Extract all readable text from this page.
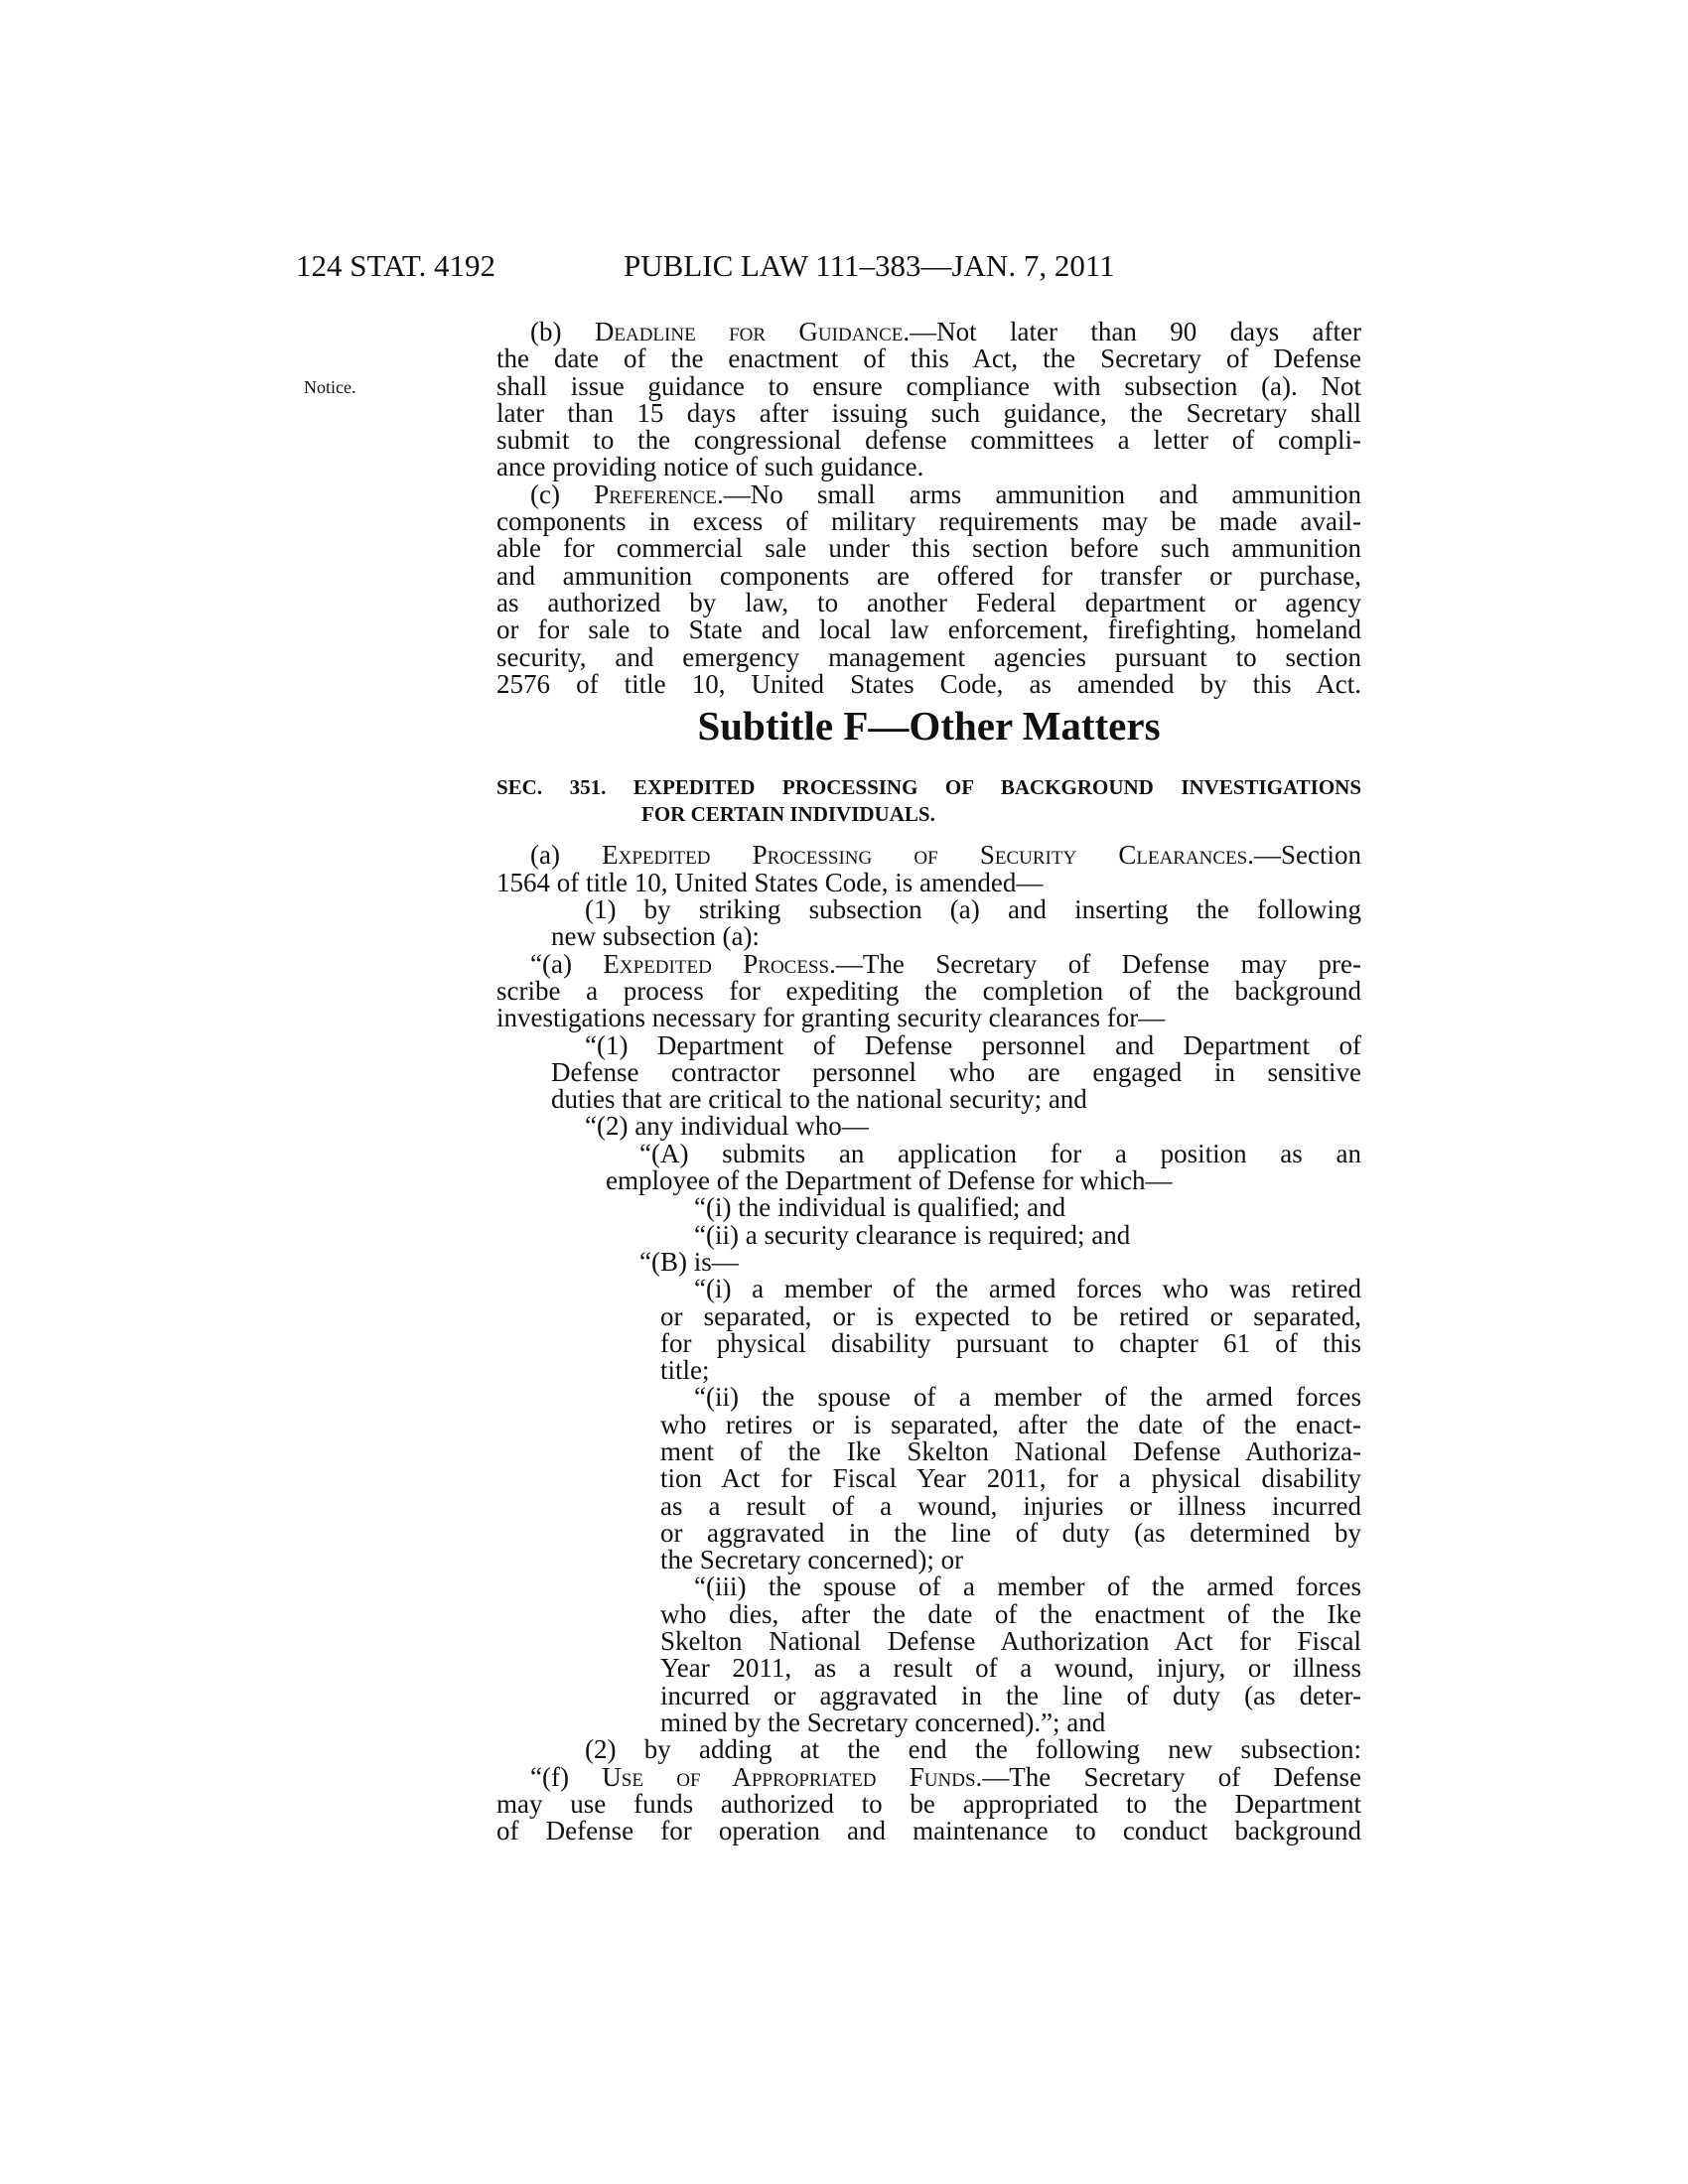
124 STAT. 4192	PUBLIC LAW 111–383—JAN. 7, 2011
Notice.

(b) Deadline for Guidance.—Not later than 90 days after

the date of the enactment of this Act, the Secretary of Defense

shall issue guidance to ensure compliance with subsection (a). Not

later than 15 days after issuing such guidance, the Secretary shall

submit to the congressional defense committees a letter of compli-

ance providing notice of such guidance.

(c) Preference.—No small arms ammunition and ammunition

components in excess of military requirements may be made avail-

able for commercial sale under this section before such ammunition

and ammunition components are offered for transfer or purchase,

as authorized by law, to another Federal department or agency

or for sale to State and local law enforcement, firefighting, homeland

security, and emergency management agencies pursuant to section

2576 of title 10, United States Code, as amended by this Act.

Subtitle F—Other Matters

SEC. 351. EXPEDITED PROCESSING OF BACKGROUND INVESTIGATIONS
FOR CERTAIN INDIVIDUALS.

(a) Expedited Processing of Security Clearances.—Section

1564 of title 10, United States Code, is amended—

(1) by striking subsection (a) and inserting the following

new subsection (a):

“(a) Expedited Process.—The Secretary of Defense may pre-

scribe a process for expediting the completion of the background

investigations necessary for granting security clearances for—

“(1) Department of Defense personnel and Department of

Defense contractor personnel who are engaged in sensitive

duties that are critical to the national security; and

“(2) any individual who—

“(A) submits an application for a position as an

employee of the Department of Defense for which—

“(i) the individual is qualified; and

“(ii) a security clearance is required; and

“(B) is—

“(i) a member of the armed forces who was retired

or separated, or is expected to be retired or separated,

for physical disability pursuant to chapter 61 of this

title;

“(ii) the spouse of a member of the armed forces

who retires or is separated, after the date of the enact-

ment of the Ike Skelton National Defense Authoriza-

tion Act for Fiscal Year 2011, for a physical disability

as a result of a wound, injuries or illness incurred

or aggravated in the line of duty (as determined by

the Secretary concerned); or

“(iii) the spouse of a member of the armed forces

who dies, after the date of the enactment of the Ike

Skelton National Defense Authorization Act for Fiscal

Year 2011, as a result of a wound, injury, or illness

incurred or aggravated in the line of duty (as deter-

mined by the Secretary concerned).”; and

(2) by adding at the end the following new subsection:

“(f) Use of Appropriated Funds.—The Secretary of Defense

may use funds authorized to be appropriated to the Department

of Defense for operation and maintenance to conduct background
